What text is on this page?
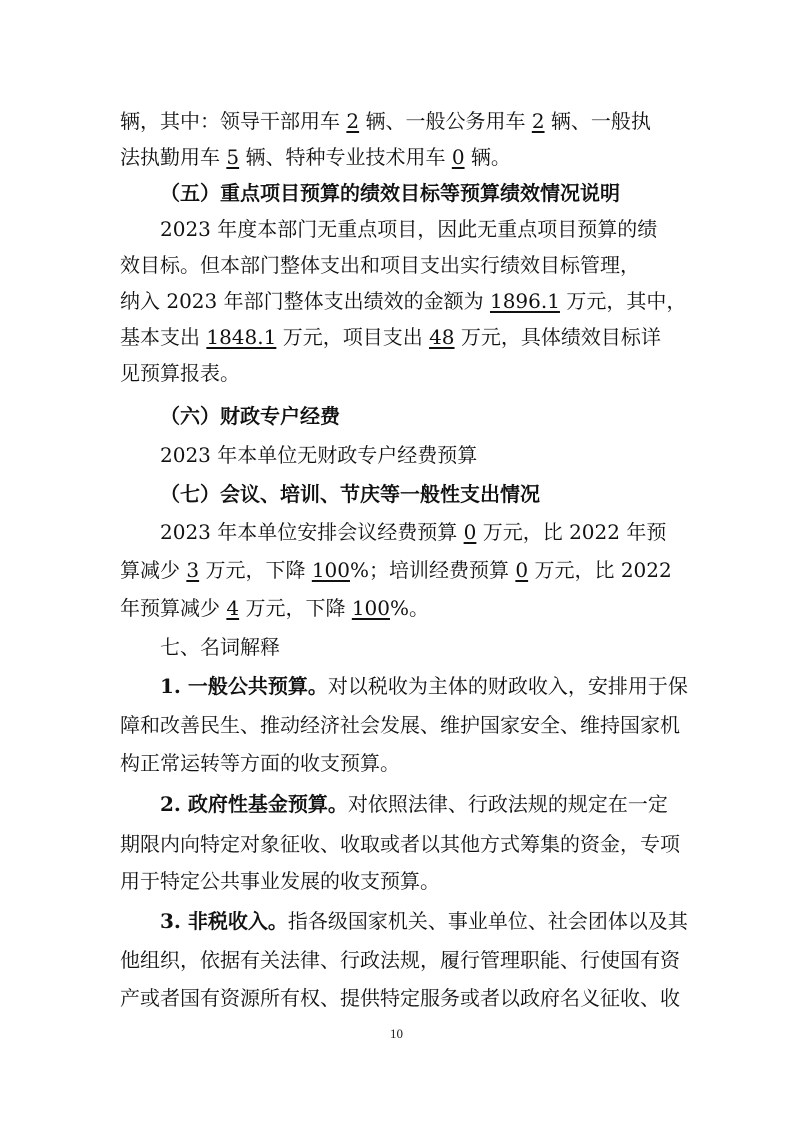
辆，其中：领导干部用车 2 辆、一般公务用车 2 辆、一般执
法执勤用车 5 辆、特种专业技术用车 0 辆。
（五）重点项目预算的绩效目标等预算绩效情况说明
2023 年度本部门无重点项目，因此无重点项目预算的绩
效目标。但本部门整体支出和项目支出实行绩效目标管理，
纳入 2023 年部门整体支出绩效的金额为 1896.1 万元，其中，
基本支出 1848.1 万元，项目支出 48 万元，具体绩效目标详
见预算报表。
（六）财政专户经费
2023 年本单位无财政专户经费预算
（七）会议、培训、节庆等一般性支出情况
2023 年本单位安排会议经费预算 0 万元，比 2022 年预
算减少 3 万元，下降 100%；培训经费预算 0 万元，比 2022
年预算减少 4 万元，下降 100%。
七、名词解释
1. 一般公共预算。对以税收为主体的财政收入，安排用于保
障和改善民生、推动经济社会发展、维护国家安全、维持国家机
构正常运转等方面的收支预算。
2. 政府性基金预算。对依照法律、行政法规的规定在一定
期限内向特定对象征收、收取或者以其他方式筹集的资金，专项
用于特定公共事业发展的收支预算。
3. 非税收入。指各级国家机关、事业单位、社会团体以及其
他组织，依据有关法律、行政法规，履行管理职能、行使国有资
产或者国有资源所有权、提供特定服务或者以政府名义征收、收
10
